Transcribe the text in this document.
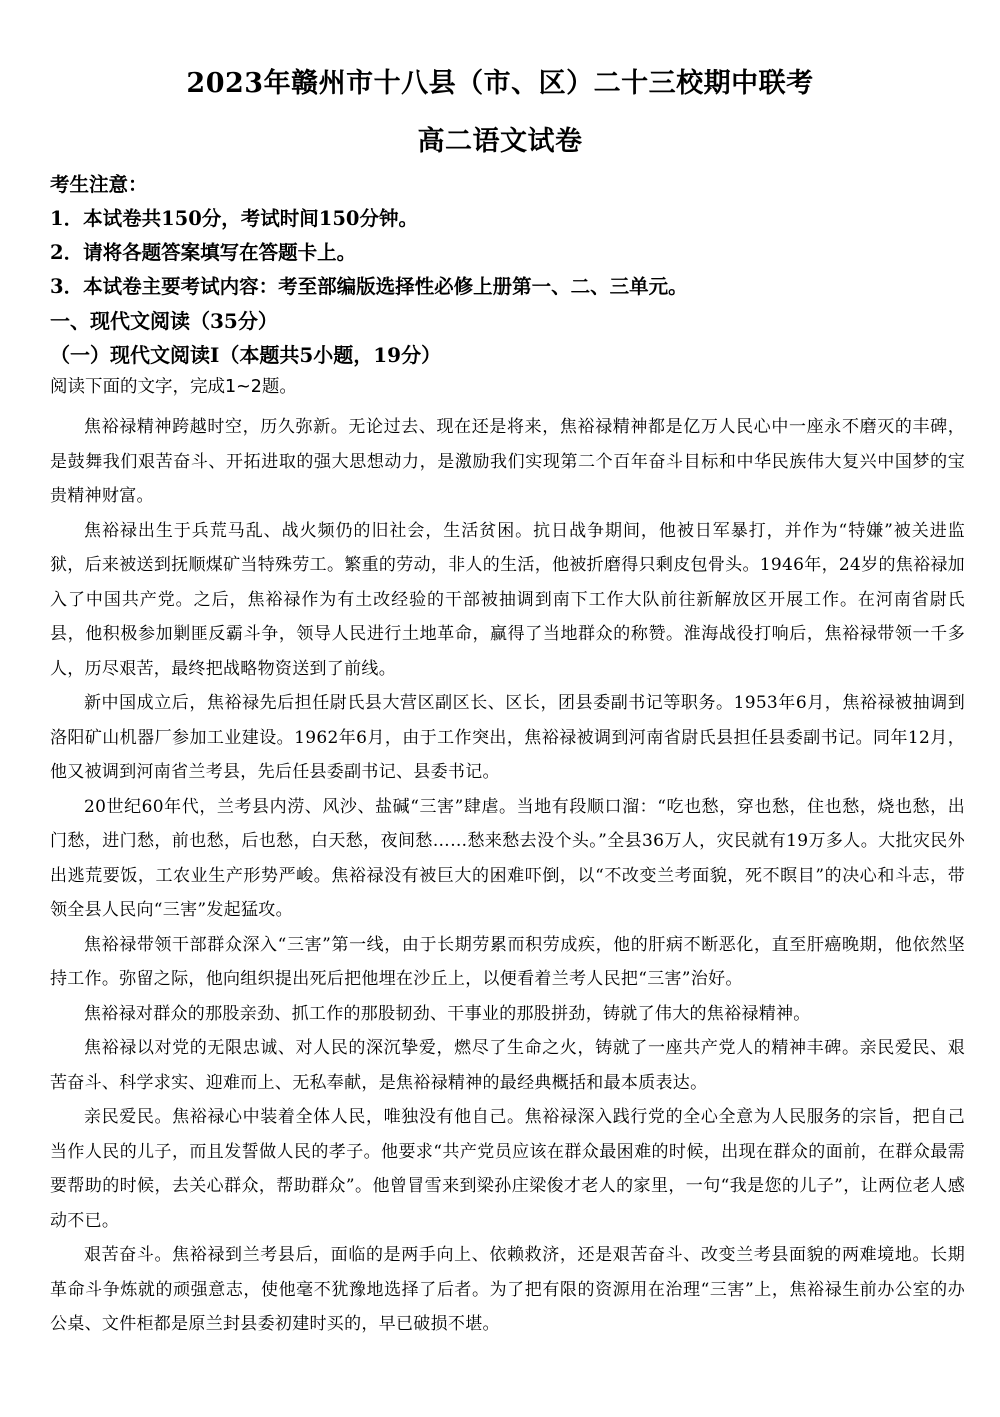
2023年赣州市十八县（市、区）二十三校期中联考
高二语文试卷
考生注意：
1．本试卷共150分，考试时间150分钟。
2．请将各题答案填写在答题卡上。
3．本试卷主要考试内容：考至部编版选择性必修上册第一、二、三单元。
一、现代文阅读（35分）
（一）现代文阅读Ⅰ（本题共5小题，19分）
阅读下面的文字，完成1~2题。

焦裕禄精神跨越时空，历久弥新。无论过去、现在还是将来，焦裕禄精神都是亿万人民心中一座永不磨灭的丰碑，是鼓舞我们艰苦奋斗、开拓进取的强大思想动力，是激励我们实现第二个百年奋斗目标和中华民族伟大复兴中国梦的宝贵精神财富。

焦裕禄出生于兵荒马乱、战火频仍的旧社会，生活贫困。抗日战争期间，他被日军暴打，并作为“特嫌”被关进监狱，后来被送到抚顺煤矿当特殊劳工。繁重的劳动，非人的生活，他被折磨得只剩皮包骨头。1946年，24岁的焦裕禄加入了中国共产党。之后，焦裕禄作为有土改经验的干部被抽调到南下工作大队前往新解放区开展工作。在河南省尉氏县，他积极参加剿匪反霸斗争，领导人民进行土地革命，赢得了当地群众的称赞。淮海战役打响后，焦裕禄带领一千多人，历尽艰苦，最终把战略物资送到了前线。

新中国成立后，焦裕禄先后担任尉氏县大营区副区长、区长，团县委副书记等职务。1953年6月，焦裕禄被抽调到洛阳矿山机器厂参加工业建设。1962年6月，由于工作突出，焦裕禄被调到河南省尉氏县担任县委副书记。同年12月，他又被调到河南省兰考县，先后任县委副书记、县委书记。

20世纪60年代，兰考县内涝、风沙、盐碱“三害”肆虐。当地有段顺口溜：“吃也愁，穿也愁，住也愁，烧也愁，出门愁，进门愁，前也愁，后也愁，白天愁，夜间愁……愁来愁去没个头。”全县36万人，灾民就有19万多人。大批灾民外出逃荒要饭，工农业生产形势严峻。焦裕禄没有被巨大的困难吓倒，以“不改变兰考面貌，死不瞑目”的决心和斗志，带领全县人民向“三害”发起猛攻。

焦裕禄带领干部群众深入“三害”第一线，由于长期劳累而积劳成疾，他的肝病不断恶化，直至肝癌晚期，他依然坚持工作。弥留之际，他向组织提出死后把他埋在沙丘上，以便看着兰考人民把“三害”治好。

焦裕禄对群众的那股亲劲、抓工作的那股韧劲、干事业的那股拼劲，铸就了伟大的焦裕禄精神。

焦裕禄以对党的无限忠诚、对人民的深沉挚爱，燃尽了生命之火，铸就了一座共产党人的精神丰碑。亲民爱民、艰苦奋斗、科学求实、迎难而上、无私奉献，是焦裕禄精神的最经典概括和最本质表达。

亲民爱民。焦裕禄心中装着全体人民，唯独没有他自己。焦裕禄深入践行党的全心全意为人民服务的宗旨，把自己当作人民的儿子，而且发誓做人民的孝子。他要求“共产党员应该在群众最困难的时候，出现在群众的面前，在群众最需要帮助的时候，去关心群众，帮助群众”。他曾冒雪来到梁孙庄梁俊才老人的家里，一句“我是您的儿子”，让两位老人感动不已。

艰苦奋斗。焦裕禄到兰考县后，面临的是两手向上、依赖救济，还是艰苦奋斗、改变兰考县面貌的两难境地。长期革命斗争炼就的顽强意志，使他毫不犹豫地选择了后者。为了把有限的资源用在治理“三害”上，焦裕禄生前办公室的办公桌、文件柜都是原兰封县委初建时买的，早已破损不堪。
